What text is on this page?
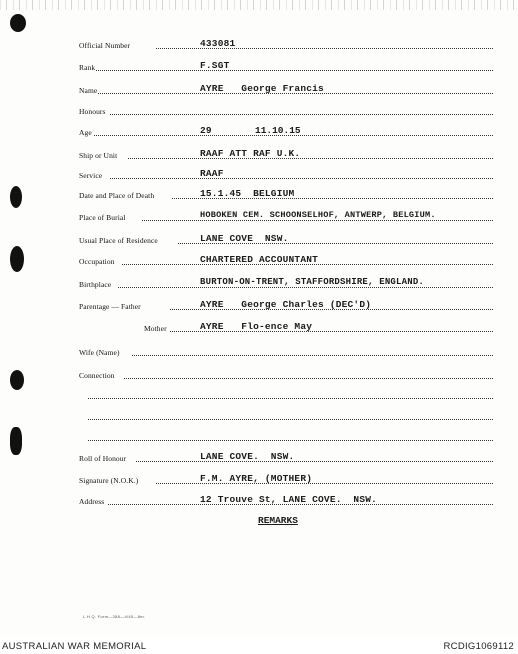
Official Number	433081
Rank	F.SGT
Name	AYRE   George Francis
Honours
Age	29	11.10.15
Ship or Unit	RAAF ATT RAF U.K.
Service	RAAF
Date and Place of Death	15.1.45  BELGIUM
Place of Burial	HOBOKEN CEM. SCHOONSELHOF, ANTWERP, BELGIUM.
Usual Place of Residence	LANE COVE  NSW.
Occupation	CHARTERED ACCOUNTANT
Birthplace	BURTON-ON-TRENT, STAFFORDSHIRE, ENGLAND.
Parentage — Father	AYRE   George Charles (DEC'D)
Mother	AYRE   Flo-ence May
Wife (Name)
Connection
Roll of Honour	LANE COVE.  NSW.
Signature (N.O.K.)	F.M. AYRE, (MOTHER)
Address	12 Trouve St, LANE COVE.  NSW.
REMARKS
L.H.Q. Form—288—4/45—8m.
AUSTRALIAN WAR MEMORIAL	RCDIG1069112
